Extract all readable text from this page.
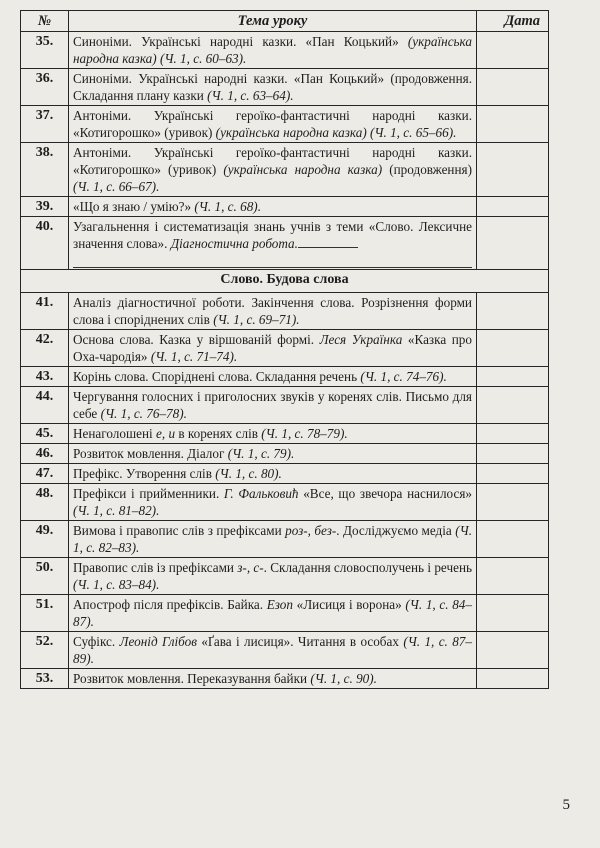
№	Тема уроку	Дата
35.	Синоніми. Українські народні казки. «Пан Коцький» (українська народна казка) (Ч. 1, с. 60–63).	
36.	Синоніми. Українські народні казки. «Пан Коцький» (продовження. Складання плану казки (Ч. 1, с. 63–64).	
37.	Антоніми. Українські героїко-фантастичні народні казки. «Котигорошко» (уривок) (українська народна казка) (Ч. 1, с. 65–66).	
38.	Антоніми. Українські героїко-фантастичні народні казки. «Котигорошко» (уривок) (українська народна казка) (продовження) (Ч. 1, с. 66–67).	
39.	«Що я знаю / умію?» (Ч. 1, с. 68).	
40.	Узагальнення і систематизація знань учнів з теми «Слово. Лексичне значення слова». Діагностична робота.

Слово. Будова слова		
41.	Аналіз діагностичної роботи. Закінчення слова. Розрізнення форми слова і споріднених слів (Ч. 1, с. 69–71).	
42.	Основа слова. Казка у віршованій формі. Леся Українка «Казка про Оха-чародія» (Ч. 1, с. 71–74).	
43.	Корінь слова. Споріднені слова. Складання речень (Ч. 1, с. 74–76).	
44.	Чергування голосних і приголосних звуків у коренях слів. Письмо для себе (Ч. 1, с. 76–78).	
45.	Ненаголошені е, и в коренях слів (Ч. 1, с. 78–79).	
46.	Розвиток мовлення. Діалог (Ч. 1, с. 79).	
47.	Префікс. Утворення слів (Ч. 1, с. 80).	
48.	Префікси і прийменники. Г. Фальковић «Все, що звечора наснилося» (Ч. 1, с. 81–82).	
49.	Вимова і правопис слів з префіксами роз-, без-. Досліджуємо медіа (Ч. 1, с. 82–83).	
50.	Правопис слів із префіксами з-, с-. Складання словосполучень і речень (Ч. 1, с. 83–84).	
51.	Апостроф після префіксів. Байка. Езоп «Лисиця і ворона» (Ч. 1, с. 84–87).	
52.	Суфікс. Леонід Глібов «Ґава і лисиця». Читання в особах (Ч. 1, с. 87–89).	
53.	Розвиток мовлення. Переказування байки (Ч. 1, с. 90).	
5
